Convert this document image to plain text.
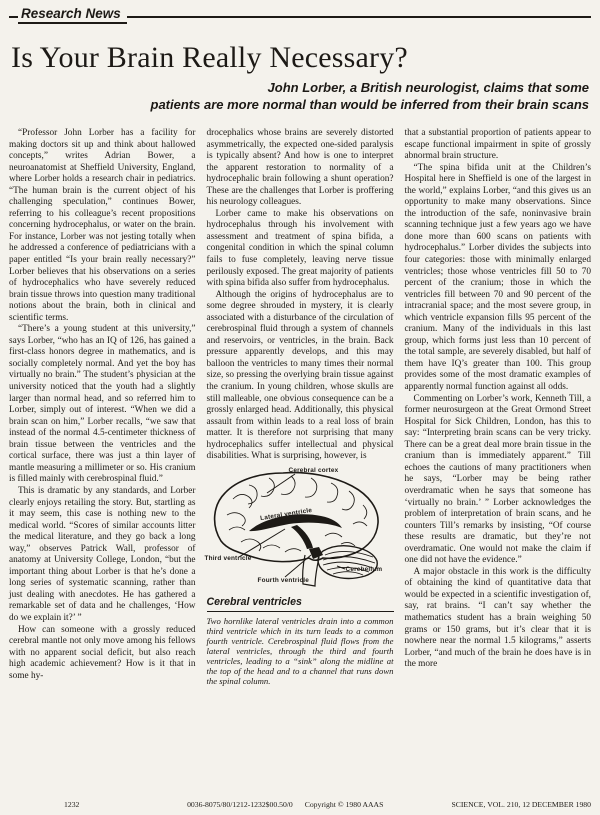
Research News
Is Your Brain Really Necessary?
John Lorber, a British neurologist, claims that some
patients are more normal than would be inferred from their brain scans

“Professor John Lorber has a facility for making doctors sit up and think about hallowed concepts,” writes Adrian Bower, a neuroanatomist at Sheffield University, England, where Lorber holds a research chair in pediatrics. “The human brain is the current object of his challenging speculation,” continues Bower, referring to his colleague’s recent propositions concerning hydrocephalus, or water on the brain. For instance, Lorber was not jesting totally when he addressed a conference of pediatricians with a paper entitled “Is your brain really necessary?” Lorber believes that his observations on a series of hydrocephalics who have severely reduced brain tissue throws into question many traditional notions about the brain, both in clinical and scientific terms.

“There’s a young student at this university,” says Lorber, “who has an IQ of 126, has gained a first-class honors degree in mathematics, and is socially completely normal. And yet the boy has virtually no brain.” The student’s physician at the university noticed that the youth had a slightly larger than normal head, and so referred him to Lorber, simply out of interest. “When we did a brain scan on him,” Lorber recalls, “we saw that instead of the normal 4.5-centimeter thickness of brain tissue between the ventricles and the cortical surface, there was just a thin layer of mantle measuring a millimeter or so. His cranium is filled mainly with cerebrospinal fluid.”

This is dramatic by any standards, and Lorber clearly enjoys retailing the story. But, startling as it may seem, this case is nothing new to the medical world. “Scores of similar accounts litter the medical literature, and they go back a long way,” observes Patrick Wall, professor of anatomy at University College, London, “but the important thing about Lorber is that he’s done a long series of systematic scanning, rather than just dealing with anecdotes. He has gathered a remarkable set of data and he challenges, ‘How do we explain it?’ ”

How can someone with a grossly reduced cerebral mantle not only move among his fellows with no apparent social deficit, but also reach high academic achievement? How is it that in some hy-

drocephalics whose brains are severely distorted asymmetrically, the expected one-sided paralysis is typically absent? And how is one to interpret the apparent restoration to normality of a hydrocephalic brain following a shunt operation? These are the challenges that Lorber is proffering his neurology colleagues.

Lorber came to make his observations on hydrocephalus through his involvement with assessment and treatment of spina bifida, a congenital condition in which the spinal column fails to fuse completely, leaving nerve tissue perilously exposed. The great majority of patients with spina bifida also suffer from hydrocephalus.

Although the origins of hydrocephalus are to some degree shrouded in mystery, it is clearly associated with a disturbance of the circulation of cerebrospinal fluid through a system of channels and reservoirs, or ventricles, in the brain. Back pressure apparently develops, and this may balloon the ventricles to many times their normal size, so pressing the overlying brain tissue against the cranium. In young children, whose skulls are still malleable, one obvious consequence can be a grossly enlarged head. Additionally, this physical assault from within leads to a real loss of brain matter. It is therefore not surprising that many hydrocephalics suffer intellectual and physical disabilities. What is surprising, however, is

Cerebral cortex
Lateral ventricle
Third ventricle
Fourth ventricle
Cerebellum
Cerebral ventricles

Two hornlike lateral ventricles drain into a common third ventricle which in its turn leads to a common fourth ventricle. Cerebrospinal fluid flows from the lateral ventricles, through the third and fourth ventricles, leading to a “sink” along the midline at the top of the head and to a channel that runs down the spinal column.

that a substantial proportion of patients appear to escape functional impairment in spite of grossly abnormal brain structure.

“The spina bifida unit at the Children’s Hospital here in Sheffield is one of the largest in the world,” explains Lorber, “and this gives us an opportunity to make many observations. Since the introduction of the safe, noninvasive brain scanning technique just a few years ago we have done more than 600 scans on patients with hydrocephalus.” Lorber divides the subjects into four categories: those with minimally enlarged ventricles; those whose ventricles fill 50 to 70 percent of the cranium; those in which the ventricles fill between 70 and 90 percent of the intracranial space; and the most severe group, in which ventricle expansion fills 95 percent of the cranium. Many of the individuals in this last group, which forms just less than 10 percent of the total sample, are severely disabled, but half of them have IQ’s greater than 100. This group provides some of the most dramatic examples of apparently normal function against all odds.

Commenting on Lorber’s work, Kenneth Till, a former neurosurgeon at the Great Ormond Street Hospital for Sick Children, London, has this to say: “Interpreting brain scans can be very tricky. There can be a great deal more brain tissue in the cranium than is immediately apparent.” Till echoes the cautions of many practitioners when he says, “Lorber may be being rather overdramatic when he says that someone has ‘virtually no brain.’ ” Lorber acknowledges the problem of interpretation of brain scans, and he counters Till’s remarks by insisting, “Of course these results are dramatic, but they’re not overdramatic. One would not make the claim if one did not have the evidence.”

A major obstacle in this work is the difficulty of obtaining the kind of quantitative data that would be expected in a scientific investigation of, say, rat brains. “I can’t say whether the mathematics student has a brain weighing 50 grams or 150 grams, but it’s clear that it is nowhere near the normal 1.5 kilograms,” asserts Lorber, “and much of the brain he does have is in the more

1232	0036-8075/80/1212-1232$00.50/0 Copyright © 1980 AAAS	SCIENCE, VOL. 210, 12 DECEMBER 1980
